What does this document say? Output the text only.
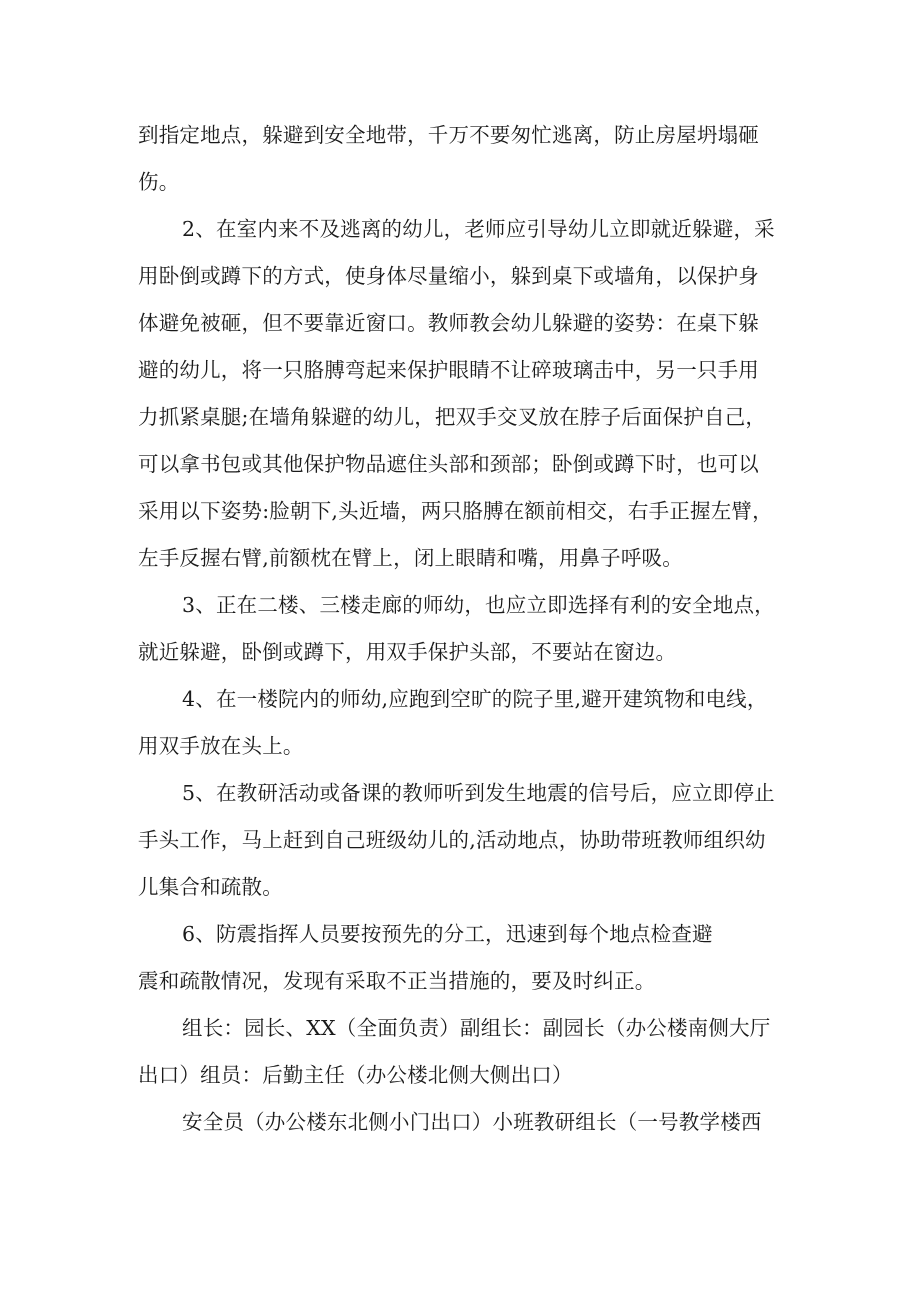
到指定地点，躲避到安全地带，千万不要匆忙逃离，防止房屋坍塌砸
伤。
2、在室内来不及逃离的幼儿，老师应引导幼儿立即就近躲避，采
用卧倒或蹲下的方式，使身体尽量缩小，躲到桌下或墙角，以保护身
体避免被砸，但不要靠近窗口。教师教会幼儿躲避的姿势：在桌下躲
避的幼儿，将一只胳膊弯起来保护眼睛不让碎玻璃击中，另一只手用
力抓紧桌腿;在墙角躲避的幼儿，把双手交叉放在脖子后面保护自己，
可以拿书包或其他保护物品遮住头部和颈部；卧倒或蹲下时，也可以
采用以下姿势:脸朝下,头近墙，两只胳膊在额前相交，右手正握左臂，
左手反握右臂,前额枕在臂上，闭上眼睛和嘴，用鼻子呼吸。
3、正在二楼、三楼走廊的师幼，也应立即选择有利的安全地点，
就近躲避，卧倒或蹲下，用双手保护头部，不要站在窗边。
4、在一楼院内的师幼,应跑到空旷的院子里,避开建筑物和电线，
用双手放在头上。
5、在教研活动或备课的教师听到发生地震的信号后，应立即停止
手头工作，马上赶到自己班级幼儿的,活动地点，协助带班教师组织幼
儿集合和疏散。
6、防震指挥人员要按预先的分工，迅速到每个地点检查避
震和疏散情况，发现有采取不正当措施的，要及时纠正。
组长：园长、XX（全面负责）副组长：副园长（办公楼南侧大厅
出口）组员：后勤主任（办公楼北侧大侧出口）
安全员（办公楼东北侧小门出口）小班教研组长（一号教学楼西
